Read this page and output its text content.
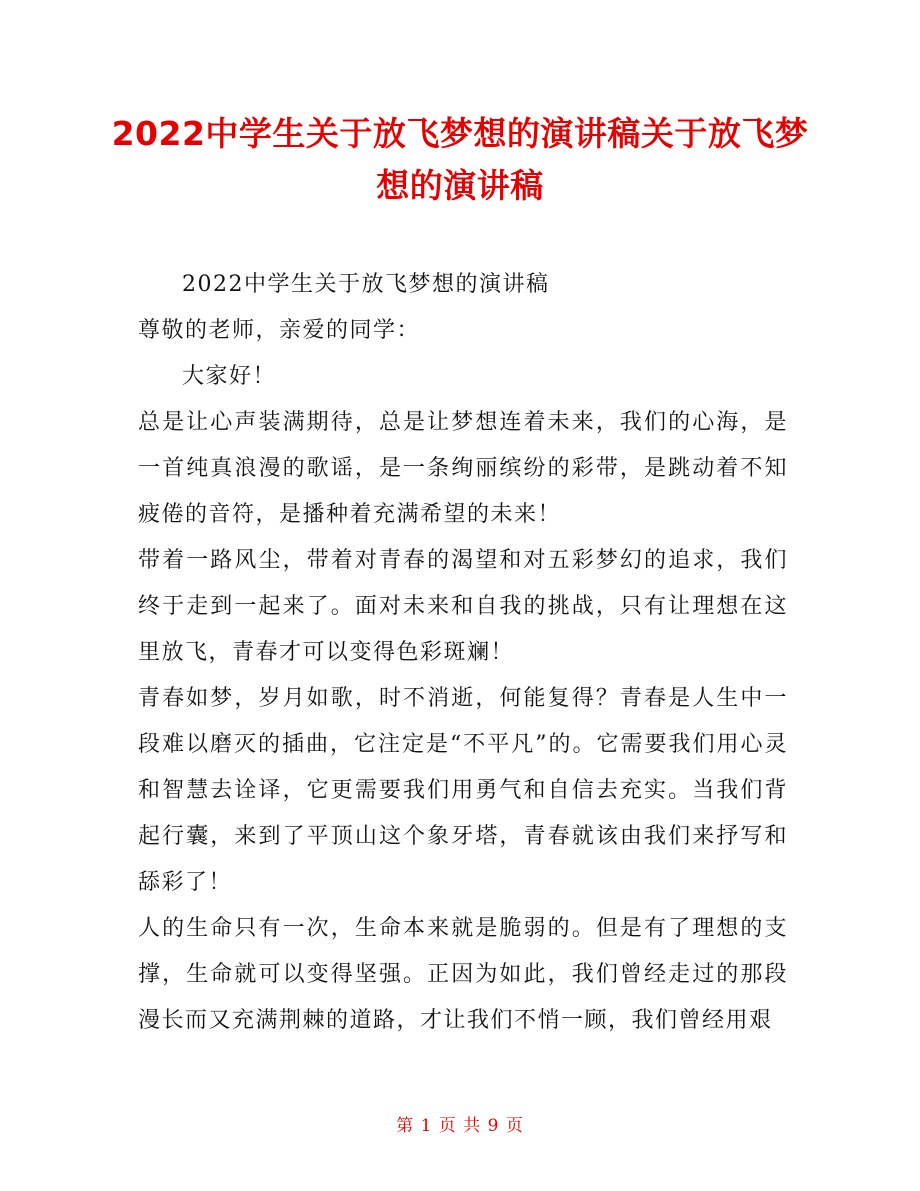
2022中学生关于放飞梦想的演讲稿关于放飞梦想的演讲稿

2022中学生关于放飞梦想的演讲稿

尊敬的老师，亲爱的同学：

大家好！

总是让心声装满期待，总是让梦想连着未来，我们的心海，是一首纯真浪漫的歌谣，是一条绚丽缤纷的彩带，是跳动着不知疲倦的音符，是播种着充满希望的未来！

带着一路风尘，带着对青春的渴望和对五彩梦幻的追求，我们终于走到一起来了。面对未来和自我的挑战，只有让理想在这里放飞，青春才可以变得色彩斑斓！

青春如梦，岁月如歌，时不消逝，何能复得？青春是人生中一段难以磨灭的插曲，它注定是“不平凡”的。它需要我们用心灵和智慧去诠译，它更需要我们用勇气和自信去充实。当我们背起行囊，来到了平顶山这个象牙塔，青春就该由我们来抒写和舔彩了！

人的生命只有一次，生命本来就是脆弱的。但是有了理想的支撑，生命就可以变得坚强。正因为如此，我们曾经走过的那段漫长而又充满荆棘的道路，才让我们不悄一顾，我们曾经用艰

第 1 页 共 9 页
